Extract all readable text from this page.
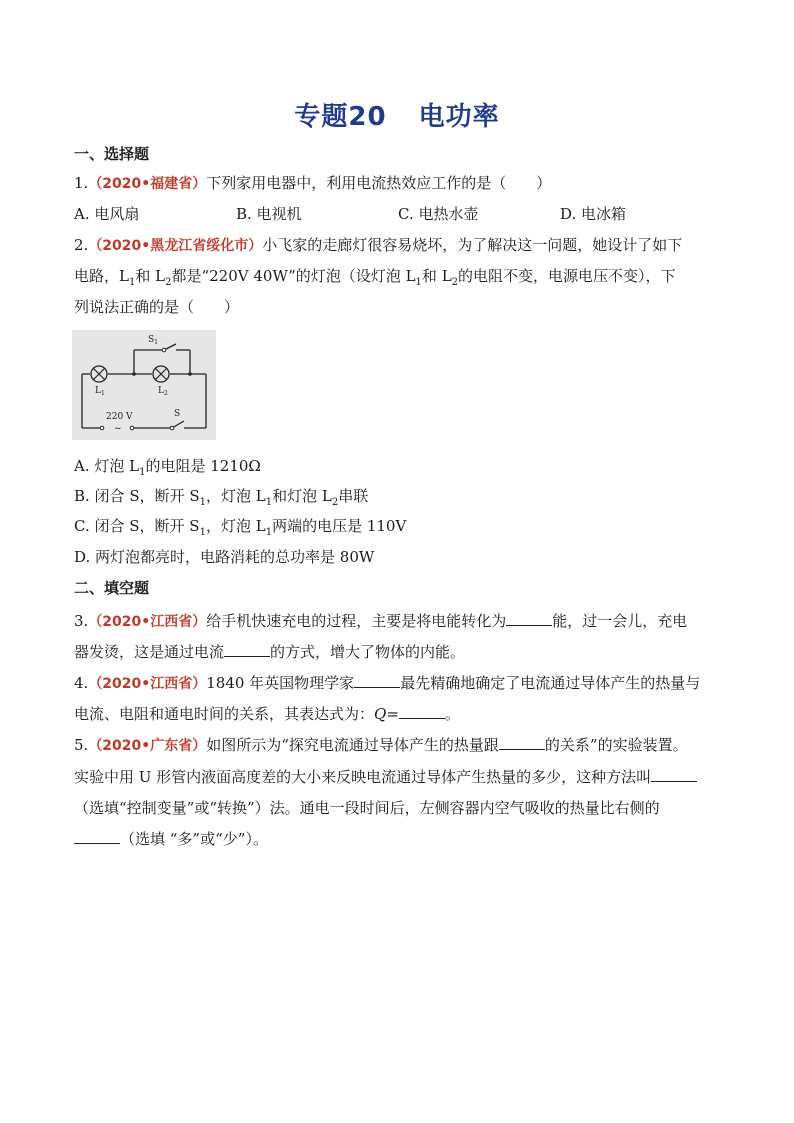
专题20 电功率
一、选择题
1.（2020•福建省）下列家用电器中，利用电流热效应工作的是（　　）
A. 电风扇	B. 电视机	C. 电热水壶	D. 电冰箱
2.（2020•黑龙江省绥化市）小飞家的走廊灯很容易烧坏，为了解决这一问题，她设计了如下
电路，$L_1$和 $L_2$都是“220V 40W”的灯泡（设灯泡 $L_1$和 $L_2$的电阻不变，电源电压不变），下
列说法正确的是（　　）
$S_1$
$L_1$	$L_2$
220 V
~
S
A. 灯泡 $L_1$的电阻是 1210Ω
B. 闭合 S，断开 $S_1$，灯泡 $L_1$和灯泡 $L_2$串联
C. 闭合 S，断开 $S_1$，灯泡 $L_1$两端的电压是 110V
D. 两灯泡都亮时，电路消耗的总功率是 80W
二、填空题
3.（2020•江西省）给手机快速充电的过程，主要是将电能转化为	能，过一会儿，充电
器发烫，这是通过电流	的方式，增大了物体的内能。
4.（2020•江西省）1840 年英国物理学家	最先精确地确定了电流通过导体产生的热量与
电流、电阻和通电时间的关系，其表达式为：Q=	。
5.（2020•广东省）如图所示为“探究电流通过导体产生的热量跟	的关系”的实验装置。
实验中用 U 形管内液面高度差的大小来反映电流通过导体产生热量的多少，这种方法叫
（选填“控制变量”或“转换”）法。通电一段时间后，左侧容器内空气吸收的热量比右侧的
（选填 “多”或“少”）。
